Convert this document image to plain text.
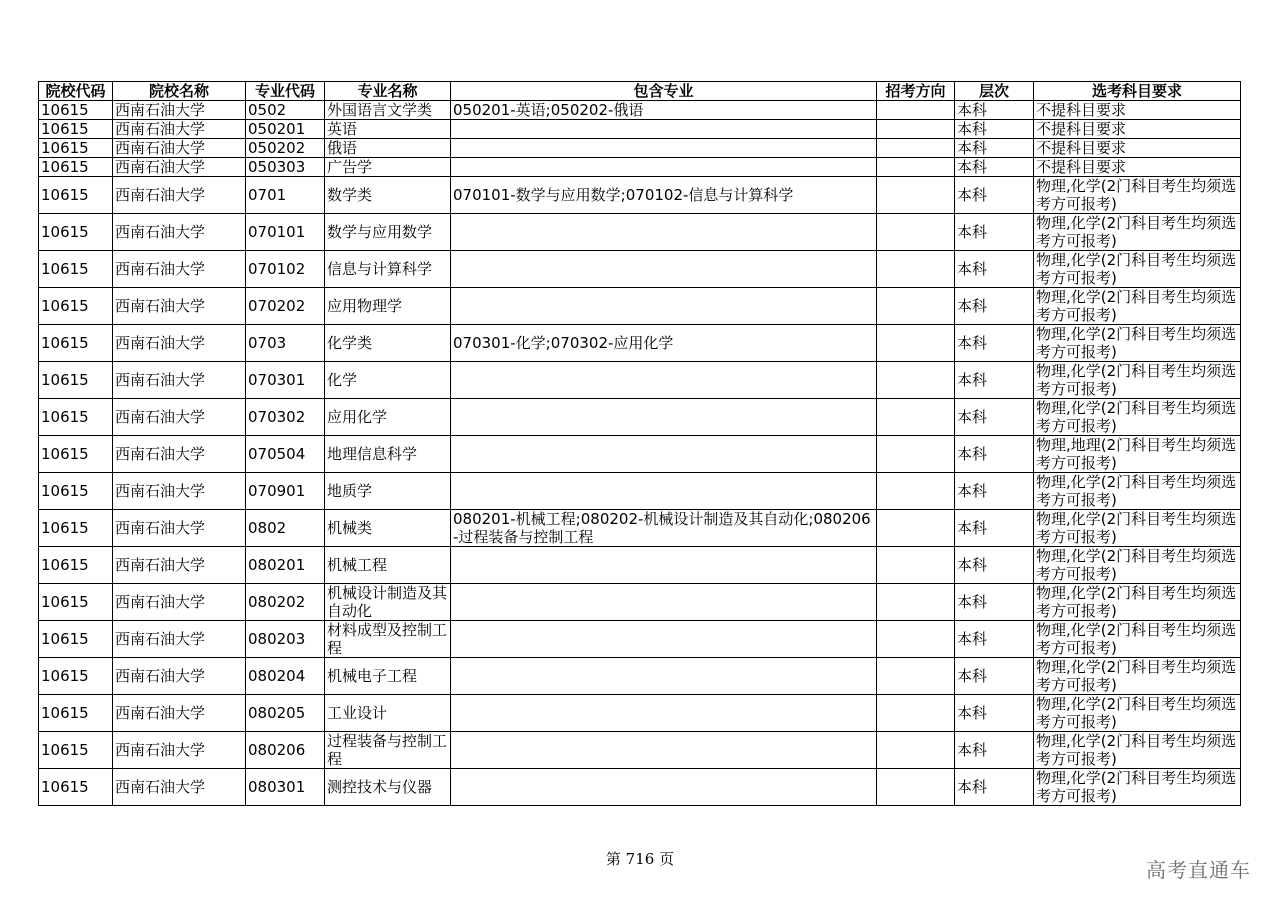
院校代码	院校名称	专业代码	专业名称	包含专业	招考方向	层次	选考科目要求
10615	西南石油大学	0502	外国语言文学类	050201-英语;050202-俄语		本科	不提科目要求
10615	西南石油大学	050201	英语			本科	不提科目要求
10615	西南石油大学	050202	俄语			本科	不提科目要求
10615	西南石油大学	050303	广告学			本科	不提科目要求
10615	西南石油大学	0701	数学类	070101-数学与应用数学;070102-信息与计算科学		本科	物理,化学(2门科目考生均须选考方可报考)
10615	西南石油大学	070101	数学与应用数学			本科	物理,化学(2门科目考生均须选考方可报考)
10615	西南石油大学	070102	信息与计算科学			本科	物理,化学(2门科目考生均须选考方可报考)
10615	西南石油大学	070202	应用物理学			本科	物理,化学(2门科目考生均须选考方可报考)
10615	西南石油大学	0703	化学类	070301-化学;070302-应用化学		本科	物理,化学(2门科目考生均须选考方可报考)
10615	西南石油大学	070301	化学			本科	物理,化学(2门科目考生均须选考方可报考)
10615	西南石油大学	070302	应用化学			本科	物理,化学(2门科目考生均须选考方可报考)
10615	西南石油大学	070504	地理信息科学			本科	物理,地理(2门科目考生均须选考方可报考)
10615	西南石油大学	070901	地质学			本科	物理,化学(2门科目考生均须选考方可报考)
10615	西南石油大学	0802	机械类	080201-机械工程;080202-机械设计制造及其自动化;080206-过程装备与控制工程		本科	物理,化学(2门科目考生均须选考方可报考)
10615	西南石油大学	080201	机械工程			本科	物理,化学(2门科目考生均须选考方可报考)
10615	西南石油大学	080202	机械设计制造及其自动化			本科	物理,化学(2门科目考生均须选考方可报考)
10615	西南石油大学	080203	材料成型及控制工程			本科	物理,化学(2门科目考生均须选考方可报考)
10615	西南石油大学	080204	机械电子工程			本科	物理,化学(2门科目考生均须选考方可报考)
10615	西南石油大学	080205	工业设计			本科	物理,化学(2门科目考生均须选考方可报考)
10615	西南石油大学	080206	过程装备与控制工程			本科	物理,化学(2门科目考生均须选考方可报考)
10615	西南石油大学	080301	测控技术与仪器			本科	物理,化学(2门科目考生均须选考方可报考)
第 716 页	高考直通车
